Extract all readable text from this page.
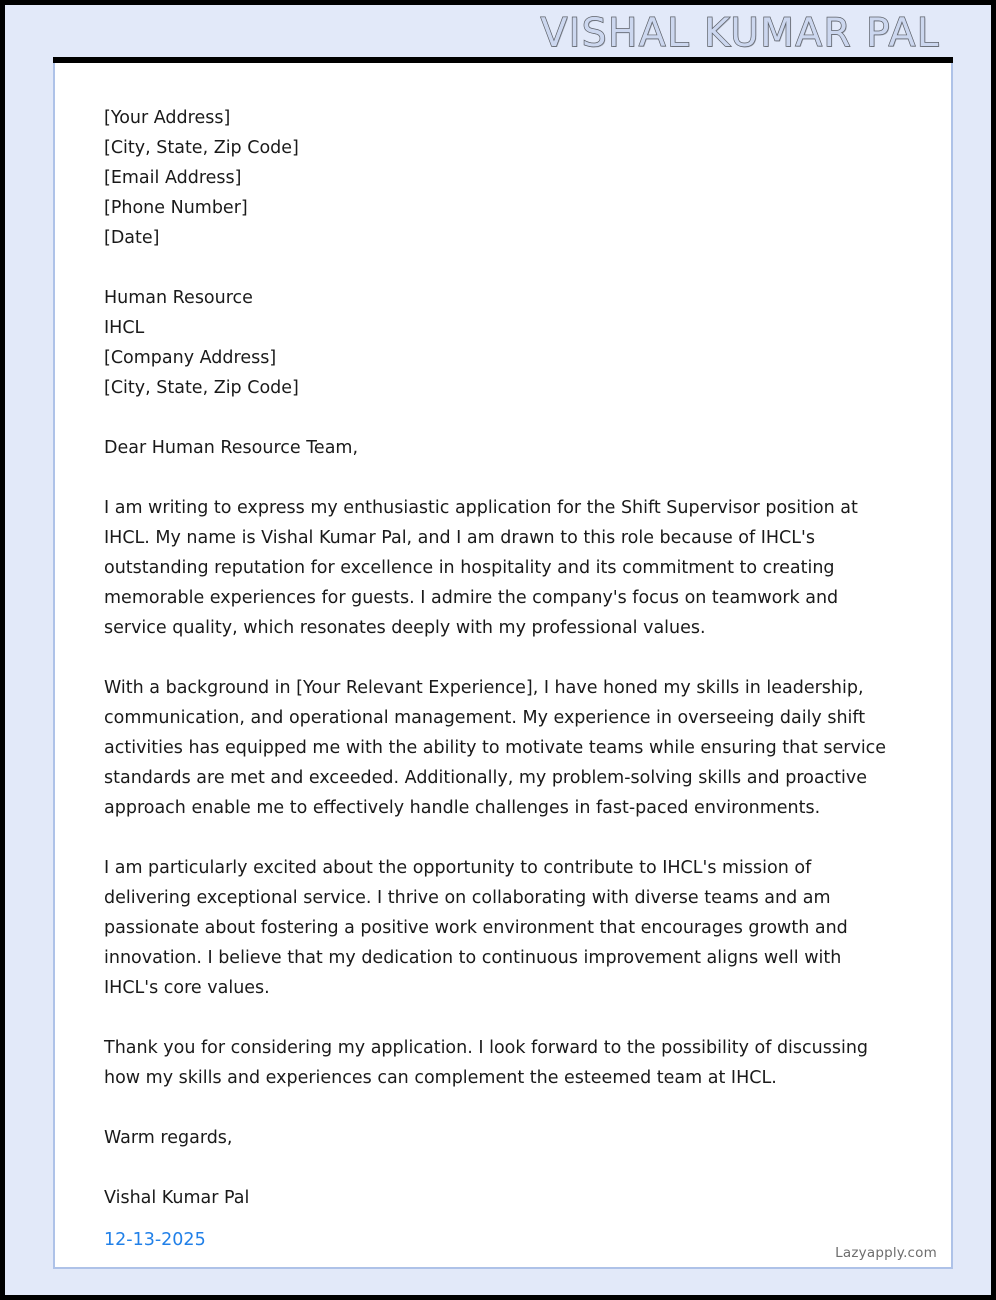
VISHAL KUMAR PAL
[Your Address]
[City, State, Zip Code]
[Email Address]
[Phone Number]
[Date]
Human Resource
IHCL
[Company Address]
[City, State, Zip Code]
Dear Human Resource Team,

I am writing to express my enthusiastic application for the Shift Supervisor position at IHCL. My name is Vishal Kumar Pal, and I am drawn to this role because of IHCL's outstanding reputation for excellence in hospitality and its commitment to creating memorable experiences for guests. I admire the company's focus on teamwork and service quality, which resonates deeply with my professional values.

With a background in [Your Relevant Experience], I have honed my skills in leadership, communication, and operational management. My experience in overseeing daily shift activities has equipped me with the ability to motivate teams while ensuring that service standards are met and exceeded. Additionally, my problem-solving skills and proactive approach enable me to effectively handle challenges in fast-paced environments.

I am particularly excited about the opportunity to contribute to IHCL's mission of delivering exceptional service. I thrive on collaborating with diverse teams and am passionate about fostering a positive work environment that encourages growth and innovation. I believe that my dedication to continuous improvement aligns well with IHCL's core values.

Thank you for considering my application. I look forward to the possibility of discussing how my skills and experiences can complement the esteemed team at IHCL.

Warm regards,
Vishal Kumar Pal
12-13-2025
Lazyapply.com
